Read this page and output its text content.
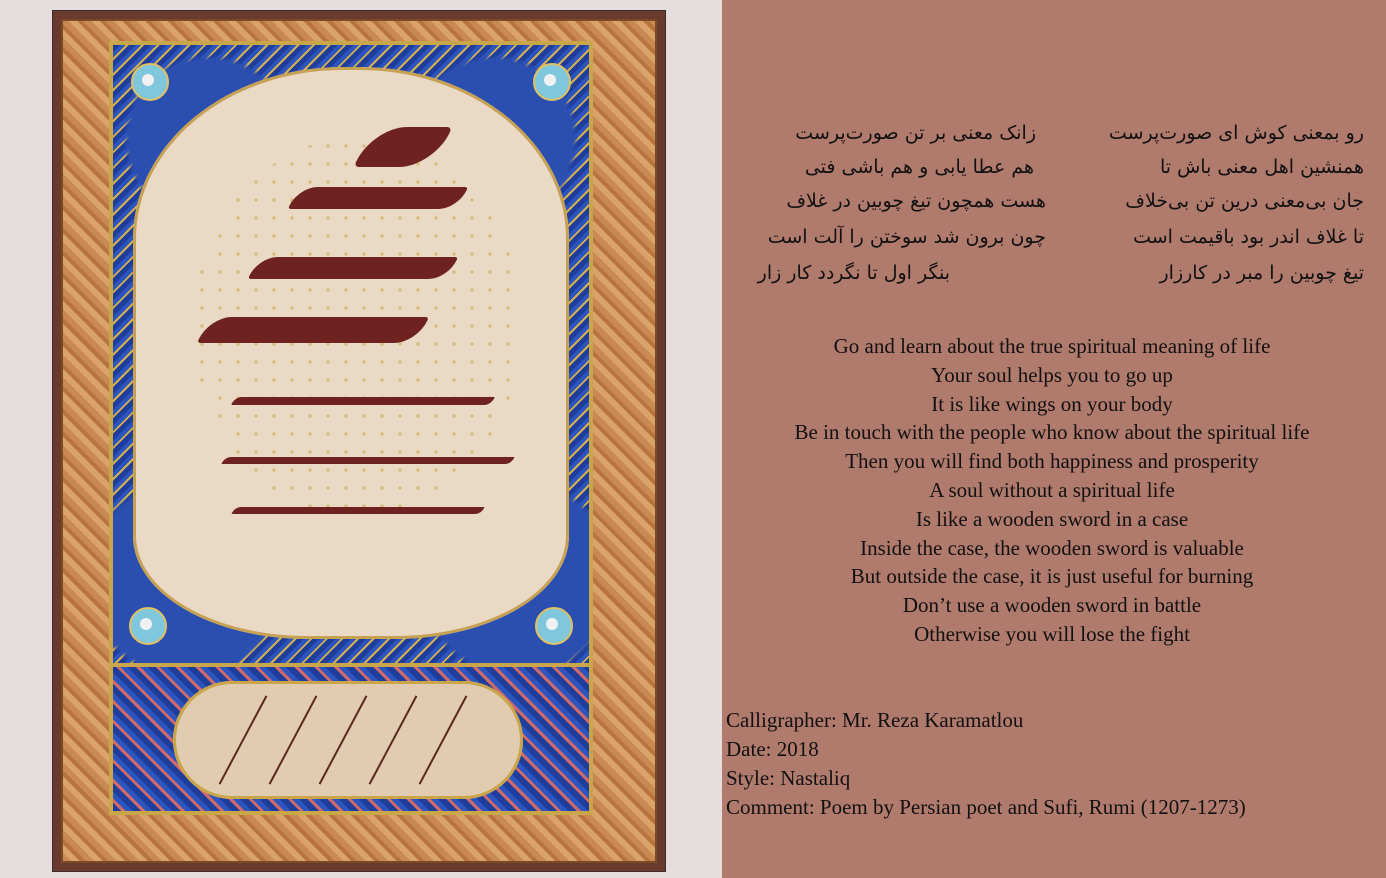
رو بمعنی کوش ای صورت‌پرست
همنشین اهل معنی باش تا
جان بی‌معنی درین تن بی‌خلاف
تا غلاف اندر بود باقیمت است
تیغ چوبین را مبر در کارزار
زانک معنی بر تن صورت‌پرست
هم عطا یابی و هم باشی فتی
هست همچون تیغ چوبین در غلاف
چون برون شد سوختن را آلت است
بنگر اول تا نگردد کار زار
Go and learn about the true spiritual meaning of life
Your soul helps you to go up
It is like wings on your body
Be in touch with the people who know about the spiritual life
Then you will find both happiness and prosperity
A soul without a spiritual life
Is like a wooden sword in a case
Inside the case, the wooden sword is valuable
But outside the case, it is just useful for burning
Don’t use a wooden sword in battle
Otherwise you will lose the fight
Calligrapher: Mr. Reza Karamatlou
Date: 2018
Style: Nastaliq
Comment: Poem by Persian poet and Sufi, Rumi (1207-1273)
